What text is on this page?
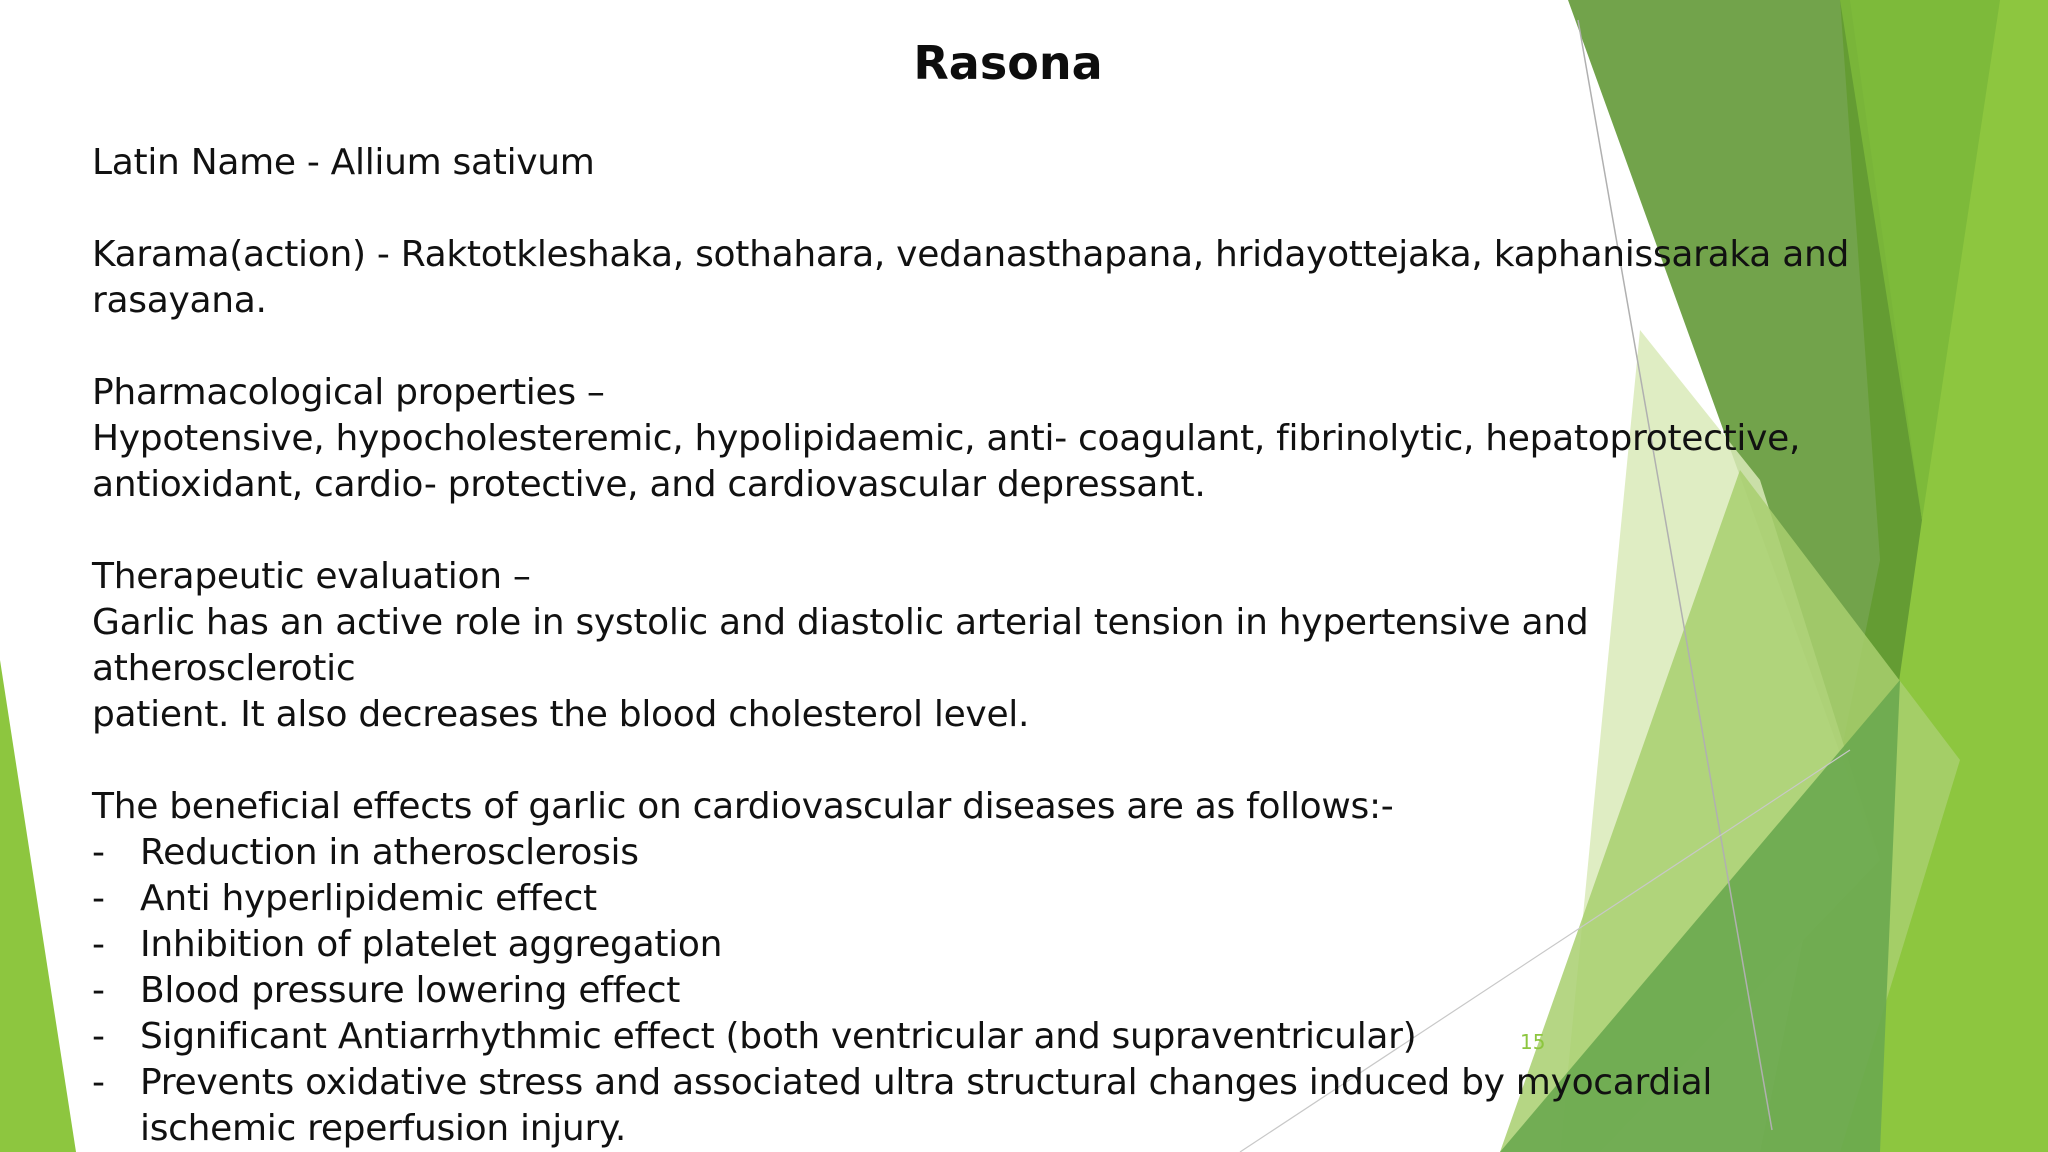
Rasona

Latin Name - Allium sativum

Karama(action) - Raktotkleshaka, sothahara, vedanasthapana, hridayottejaka, kaphanissaraka and

rasayana.

Pharmacological properties –

Hypotensive, hypocholesteremic, hypolipidaemic, anti- coagulant, fibrinolytic, hepatoprotective,

antioxidant, cardio- protective, and cardiovascular depressant.

Therapeutic evaluation –

Garlic has an active role in systolic and diastolic arterial tension in hypertensive and atherosclerotic

patient. It also decreases the blood cholesterol level.

The beneficial effects of garlic on cardiovascular diseases are as follows:-

- Reduction in atherosclerosis
- Anti hyperlipidemic effect
- Inhibition of platelet aggregation
- Blood pressure lowering effect
- Significant Antiarrhythmic effect (both ventricular and supraventricular)
- Prevents oxidative stress and associated ultra structural changes induced by myocardial ischemic reperfusion injury.
15
